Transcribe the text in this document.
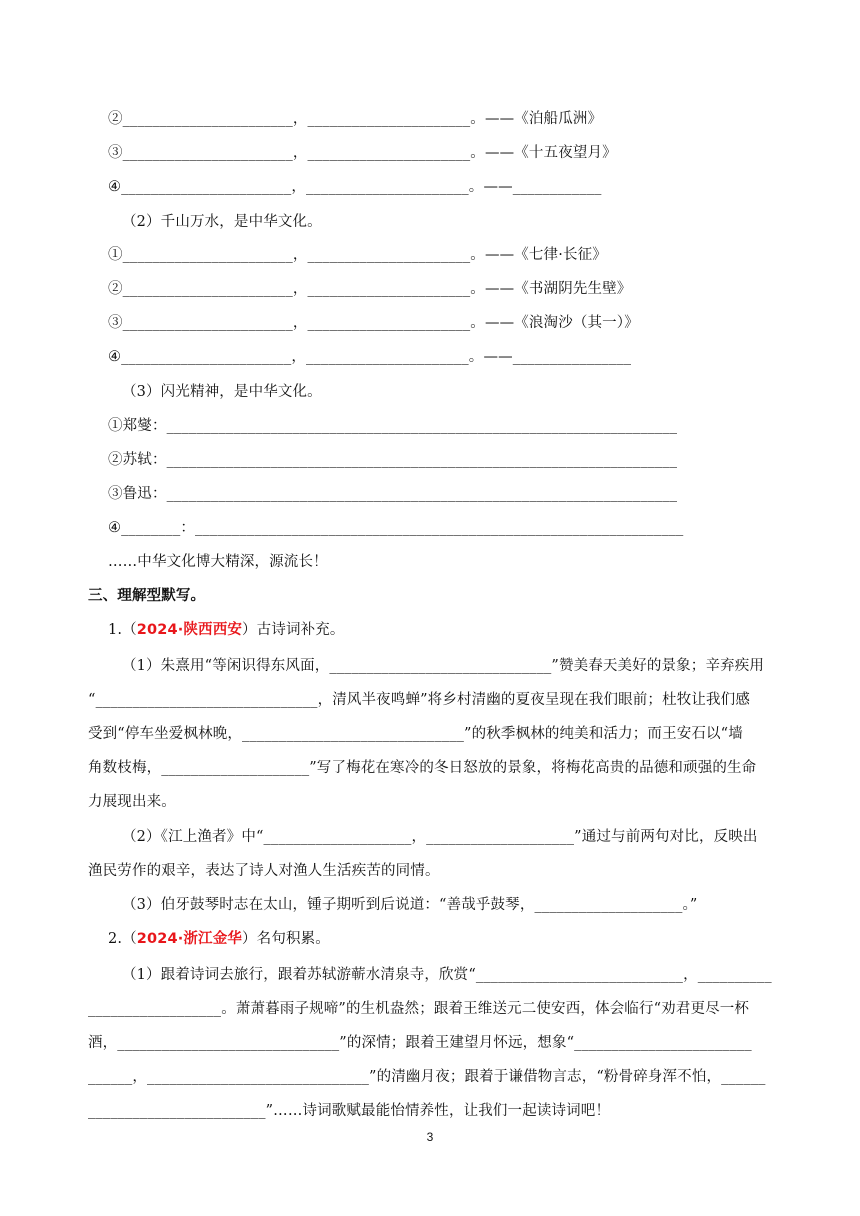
②_______________________，______________________。——《泊船瓜洲》
③_______________________，______________________。——《十五夜望月》
④_______________________，______________________。——____________
（2）千山万水，是中华文化。
①_______________________，______________________。——《七律·长征》
②_______________________，______________________。——《书湖阴先生壁》
③_______________________，______________________。——《浪淘沙（其一）》
④_______________________，______________________。——________________
（3）闪光精神，是中华文化。
①郑燮：_____________________________________________________________________
②苏轼：_____________________________________________________________________
③鲁迅：_____________________________________________________________________
④________：__________________________________________________________________
……中华文化博大精深，源流长！
三、理解型默写。
1.（2024·陕西西安）古诗词补充。
（1）朱熹用“等闲识得东风面，______________________________”赞美春天美好的景象；辛弃疾用
“______________________________，清风半夜鸣蝉”将乡村清幽的夏夜呈现在我们眼前；杜牧让我们感
受到“停车坐爱枫林晚，______________________________”的秋季枫林的纯美和活力；而王安石以“墙
角数枝梅，____________________”写了梅花在寒冷的冬日怒放的景象，将梅花高贵的品德和顽强的生命
力展现出来。
（2）《江上渔者》中“____________________，____________________”通过与前两句对比，反映出
渔民劳作的艰辛，表达了诗人对渔人生活疾苦的同情。
（3）伯牙鼓琴时志在太山，锺子期听到后说道：“善哉乎鼓琴，____________________。”
2.（2024·浙江金华）名句积累。
（1）跟着诗词去旅行，跟着苏轼游蕲水清泉寺，欣赏“____________________________，__________
__________________。萧萧暮雨子规啼”的生机盎然；跟着王维送元二使安西，体会临行“劝君更尽一杯
酒，______________________________”的深情；跟着王建望月怀远，想象“________________________
______，______________________________”的清幽月夜；跟着于谦借物言志，“粉骨碎身浑不怕，______
________________________”……诗词歌赋最能怡情养性，让我们一起读诗词吧！
3
